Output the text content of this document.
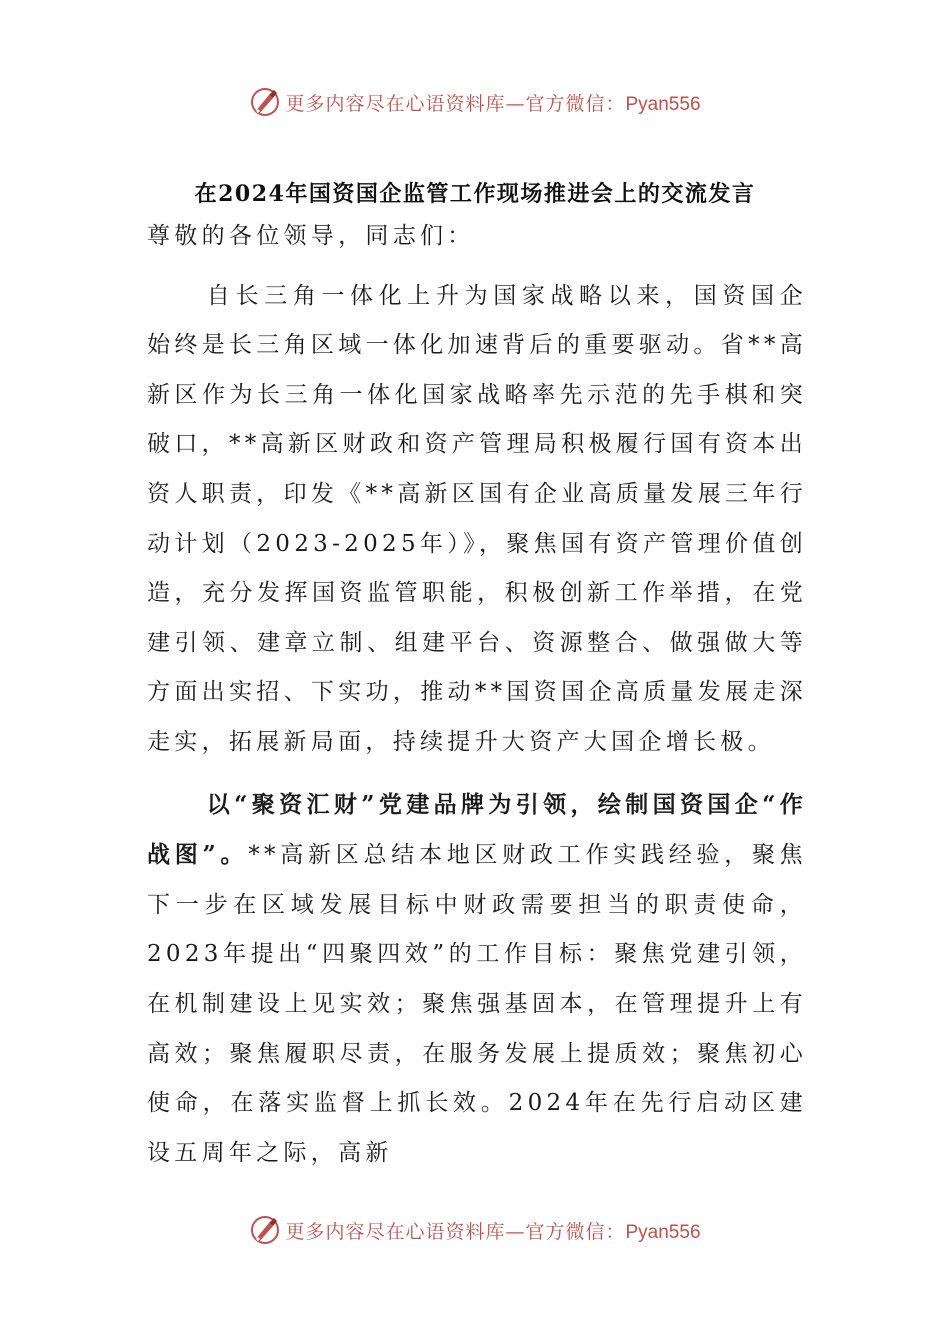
更多内容尽在心语资料库—官方微信：Pyan556
在2024年国资国企监管工作现场推进会上的交流发言

尊敬的各位领导，同志们：

自长三角一体化上升为国家战略以来，国资国企始终是长三角区域一体化加速背后的重要驱动。省**高新区作为长三角一体化国家战略率先示范的先手棋和突破口，**高新区财政和资产管理局积极履行国有资本出资人职责，印发《**高新区国有企业高质量发展三年行动计划（2023-2025年）》，聚焦国有资产管理价值创造，充分发挥国资监管职能，积极创新工作举措，在党建引领、建章立制、组建平台、资源整合、做强做大等方面出实招、下实功，推动**国资国企高质量发展走深走实，拓展新局面，持续提升大资产大国企增长极。

以“聚资汇财”党建品牌为引领，绘制国资国企“作战图”。**高新区总结本地区财政工作实践经验，聚焦下一步在区域发展目标中财政需要担当的职责使命，2023年提出“四聚四效”的工作目标：聚焦党建引领，在机制建设上见实效；聚焦强基固本，在管理提升上有高效；聚焦履职尽责，在服务发展上提质效；聚焦初心使命，在落实监督上抓长效。2024年在先行启动区建设五周年之际，高新

更多内容尽在心语资料库—官方微信：Pyan556
